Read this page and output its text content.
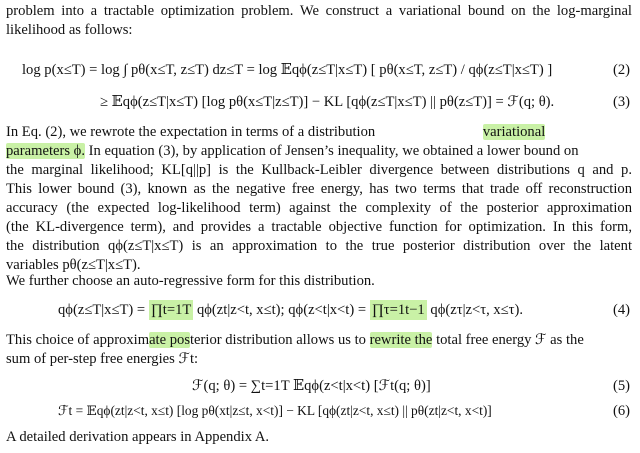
problem into a tractable optimization problem. We construct a variational bound on the log-marginal
likelihood as follows:
log p(x≤T) = log ∫ pθ(x≤T, z≤T) dz≤T = log 𝔼qϕ(z≤T|x≤T) [ pθ(x≤T, z≤T) / qϕ(z≤T|x≤T) ]	(2)
≥ 𝔼qϕ(z≤T|x≤T) [log pθ(x≤T|z≤T)] − KL [qϕ(z≤T|x≤T) || pθ(z≤T)] = ℱ(q; θ).	(3)
In Eq. (2), we rewrote the expectation in terms of a distribution	variational
parameters ϕ. In equation (3), by application of Jensen’s inequality, we obtained a lower bound on
the marginal likelihood; KL[q||p] is the Kullback-Leibler divergence between distributions q and p.
This lower bound (3), known as the negative free energy, has two terms that trade off reconstruction
accuracy (the expected log-likelihood term) against the complexity of the posterior approximation
(the KL-divergence term), and provides a tractable objective function for optimization. In this form,
the distribution qϕ(z≤T|x≤T) is an approximation to the true posterior distribution over the latent
variables pθ(z≤T|x≤T).
We further choose an auto-regressive form for this distribution.
qϕ(z≤T|x≤T) = ∏t=1T qϕ(zt|z<t, x≤t); qϕ(z<t|x<t) = ∏τ=1t−1 qϕ(zτ|z<τ, x≤τ).	(4)
This choice of approximate posterior distribution allows us to rewrite the total free energy ℱ as the
sum of per-step free energies ℱt:
ℱ(q; θ) = ∑t=1T 𝔼qϕ(z<t|x<t) [ℱt(q; θ)]	(5)
ℱt = 𝔼qϕ(zt|z<t, x≤t) [log pθ(xt|z≤t, x<t)] − KL [qϕ(zt|z<t, x≤t) || pθ(zt|z<t, x<t)]	(6)
A detailed derivation appears in Appendix A.
